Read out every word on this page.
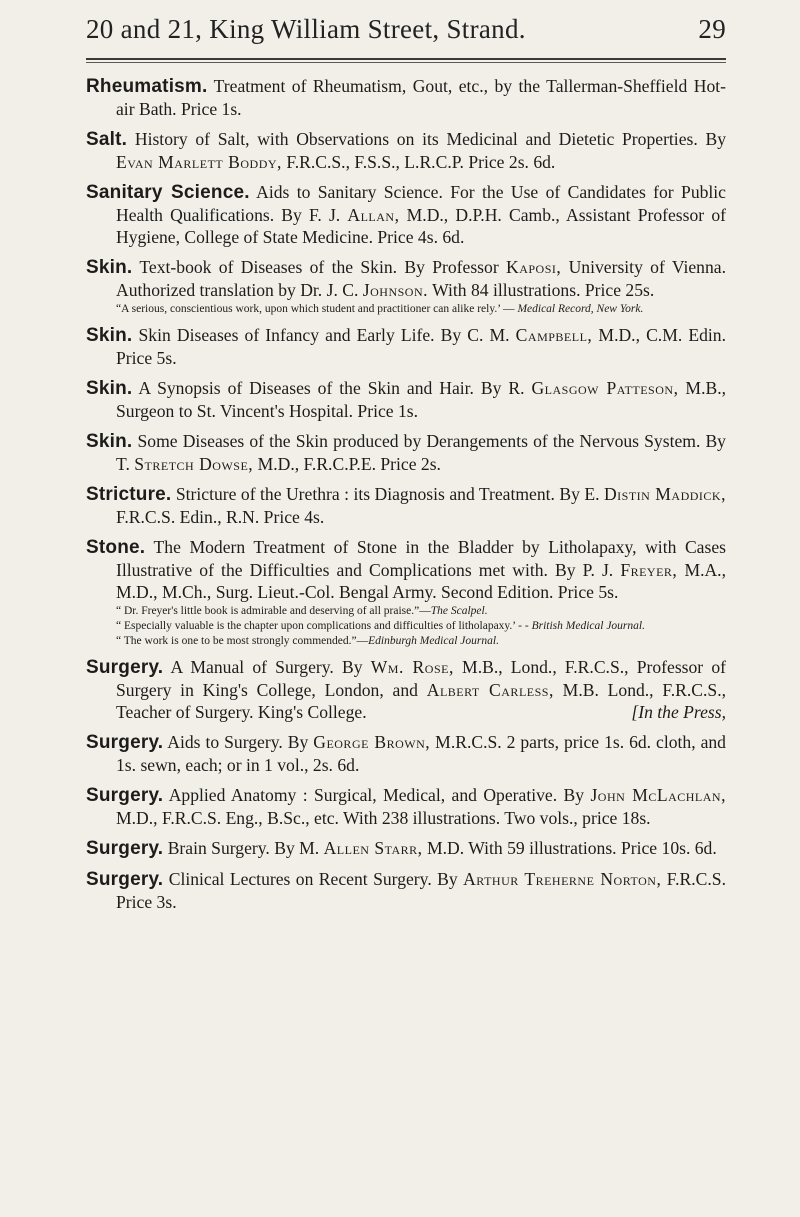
20 and 21, King William Street, Strand.	29

Rheumatism. Treatment of Rheumatism, Gout, etc., by the Tallerman-Sheffield Hot-air Bath. Price 1s.

Salt. History of Salt, with Observations on its Medicinal and Dietetic Properties. By Evan Marlett Boddy, F.R.C.S., F.S.S., L.R.C.P. Price 2s. 6d.

Sanitary Science. Aids to Sanitary Science. For the Use of Candidates for Public Health Qualifications. By F. J. Allan, M.D., D.P.H. Camb., Assistant Professor of Hygiene, College of State Medicine. Price 4s. 6d.

Skin. Text-book of Diseases of the Skin. By Professor Kaposi, University of Vienna. Authorized translation by Dr. J. C. Johnson. With 84 illustrations. Price 25s.

“A serious, conscientious work, upon which student and practitioner can alike rely.’ — Medical Record, New York.

Skin. Skin Diseases of Infancy and Early Life. By C. M. Campbell, M.D., C.M. Edin. Price 5s.

Skin. A Synopsis of Diseases of the Skin and Hair. By R. Glasgow Patteson, M.B., Surgeon to St. Vincent's Hospital. Price 1s.

Skin. Some Diseases of the Skin produced by Derangements of the Nervous System. By T. Stretch Dowse, M.D., F.R.C.P.E. Price 2s.

Stricture. Stricture of the Urethra : its Diagnosis and Treatment. By E. Distin Maddick, F.R.C.S. Edin., R.N. Price 4s.

Stone. The Modern Treatment of Stone in the Bladder by Litholapaxy, with Cases Illustrative of the Difficulties and Complications met with. By P. J. Freyer, M.A., M.D., M.Ch., Surg. Lieut.-Col. Bengal Army. Second Edition. Price 5s.

“ Dr. Freyer's little book is admirable and deserving of all praise.”—The Scalpel.

“ Especially valuable is the chapter upon complications and difficulties of litholapaxy.’ - - British Medical Journal.

“ The work is one to be most strongly commended.”—Edinburgh Medical Journal.

Surgery. A Manual of Surgery. By Wm. Rose, M.B., Lond., F.R.C.S., Professor of Surgery in King's College, London, and Albert Carless, M.B. Lond., F.R.C.S., Teacher of Surgery. King's College.	[In the Press,

Surgery. Aids to Surgery. By George Brown, M.R.C.S. 2 parts, price 1s. 6d. cloth, and 1s. sewn, each; or in 1 vol., 2s. 6d.

Surgery. Applied Anatomy : Surgical, Medical, and Operative. By John McLachlan, M.D., F.R.C.S. Eng., B.Sc., etc. With 238 illustrations. Two vols., price 18s.

Surgery. Brain Surgery. By M. Allen Starr, M.D. With 59 illustrations. Price 10s. 6d.

Surgery. Clinical Lectures on Recent Surgery. By Arthur Treherne Norton, F.R.C.S. Price 3s.
